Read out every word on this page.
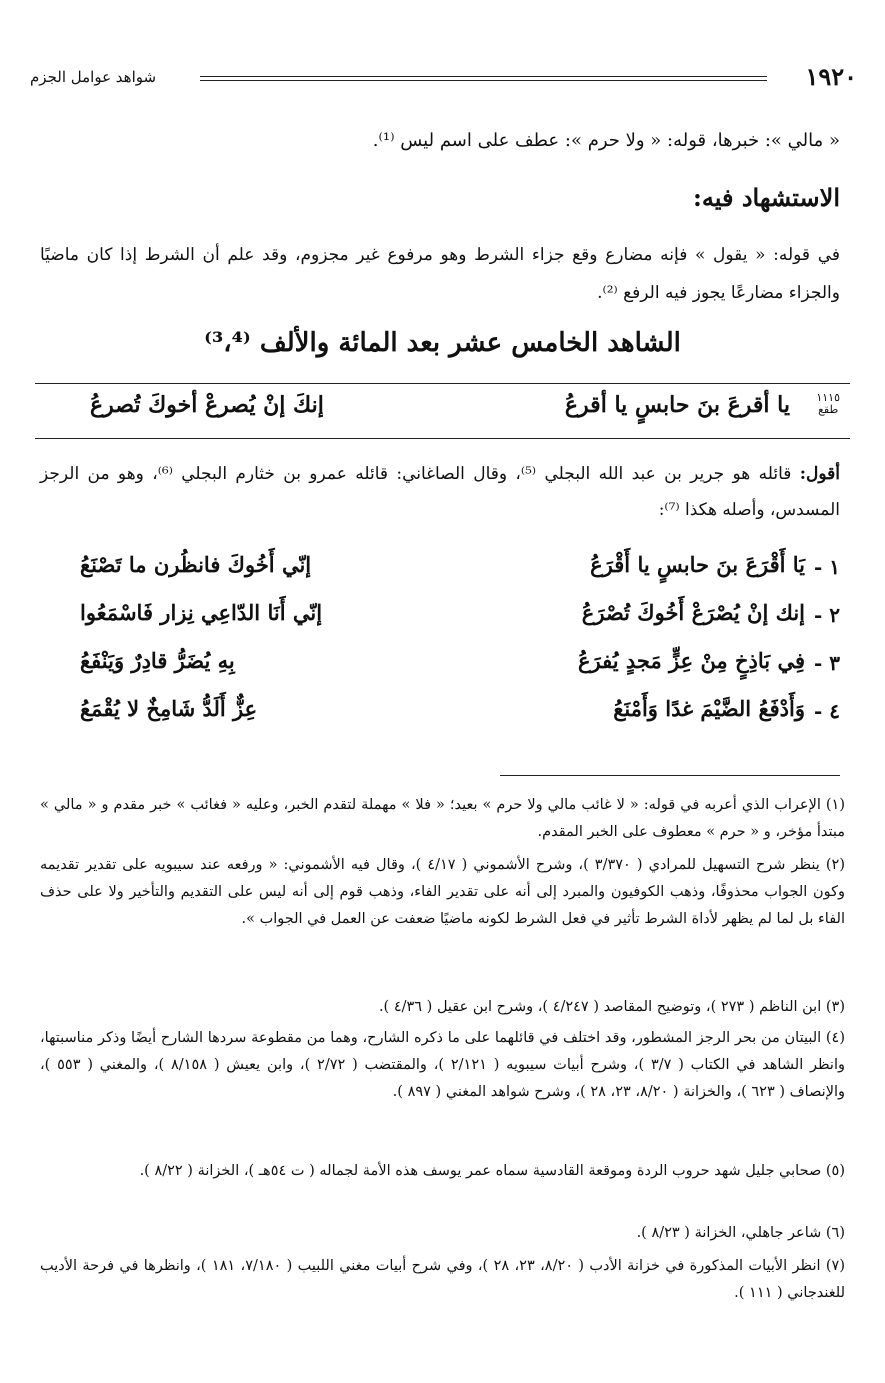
١٩٢٠
شواهد عوامل الجزم
« مالي »: خبرها، قوله: « ولا حرم »: عطف على اسم ليس ⁽¹⁾.
الاستشهاد فيه:
في قوله: « يقول » فإنه مضارع وقع جزاء الشرط وهو مرفوع غير مجزوم، وقد علم أن الشرط إذا كان ماضيًا والجزاء مضارعًا يجوز فيه الرفع ⁽²⁾.
الشاهد الخامس عشر بعد المائة والألف ⁽³،⁴⁾
١١١٥
طقع
يا أقرعَ بنَ حابسٍ يا أقرعُ
إنكَ إنْ يُصرعْ أخوكَ تُصرعُ
أقول: قائله هو جرير بن عبد الله البجلي ⁽⁵⁾، وقال الصاغاني: قائله عمرو بن خثارم البجلي ⁽⁶⁾، وهو من الرجز المسدس، وأصله هكذا ⁽⁷⁾:
١ -
يَا أَقْرَعَ بنَ حابسٍ يا أَقْرَعُ
إنّي أَخُوكَ فانظُرن ما تَصْنَعُ
٢ -
إنك إنْ يُصْرَعْ أَخُوكَ تُصْرَعُ
إنّي أَنَا الدّاعِي نِزار فَاسْمَعُوا
٣ -
فِي بَاذِخٍ مِنْ عِزٍّ مَجدٍ يُفرَعُ
بِهِ يُضَرُّ قادِرٌ وَيَنْفَعُ
٤ -
وَأَدْفَعُ الضَّيْمَ غدًا وَأَمْنَعُ
عِزٌّ أَلَدُّ شَامِخٌ لا يُقْمَعُ
(١) الإعراب الذي أعربه في قوله: « لا غائب مالي ولا حرم » بعيد؛ « فلا » مهملة لتقدم الخبر، وعليه « فغائب » خبر مقدم و « مالي » مبتدأ مؤخر، و « حرم » معطوف على الخبر المقدم.
(٢) ينظر شرح التسهيل للمرادي ( ٣/٣٧٠ )، وشرح الأشموني ( ٤/١٧ )، وقال فيه الأشموني: « ورفعه عند سيبويه على تقدير تقديمه وكون الجواب محذوفًا، وذهب الكوفيون والمبرد إلى أنه على تقدير الفاء، وذهب قوم إلى أنه ليس على التقديم والتأخير ولا على حذف الفاء بل لما لم يظهر لأداة الشرط تأثير في فعل الشرط لكونه ماضيًا ضعفت عن العمل في الجواب ».
(٣) ابن الناظم ( ٢٧٣ )، وتوضيح المقاصد ( ٤/٢٤٧ )، وشرح ابن عقيل ( ٤/٣٦ ).
(٤) البيتان من بحر الرجز المشطور، وقد اختلف في قائلهما على ما ذكره الشارح، وهما من مقطوعة سردها الشارح أيضًا وذكر مناسبتها، وانظر الشاهد في الكتاب ( ٣/٧ )، وشرح أبيات سيبويه ( ٢/١٢١ )، والمقتضب ( ٢/٧٢ )، وابن يعيش ( ٨/١٥٨ )، والمغني ( ٥٥٣ )، والإنصاف ( ٦٢٣ )، والخزانة ( ٨/٢٠، ٢٣، ٢٨ )، وشرح شواهد المغني ( ٨٩٧ ).
(٥) صحابي جليل شهد حروب الردة وموقعة القادسية سماه عمر يوسف هذه الأمة لجماله ( ت ٥٤هـ )، الخزانة ( ٨/٢٢ ).
(٦) شاعر جاهلي، الخزانة ( ٨/٢٣ ).
(٧) انظر الأبيات المذكورة في خزانة الأدب ( ٨/٢٠، ٢٣، ٢٨ )، وفي شرح أبيات مغني اللبيب ( ٧/١٨٠، ١٨١ )، وانظرها في فرحة الأديب للغندجاني ( ١١١ ).
